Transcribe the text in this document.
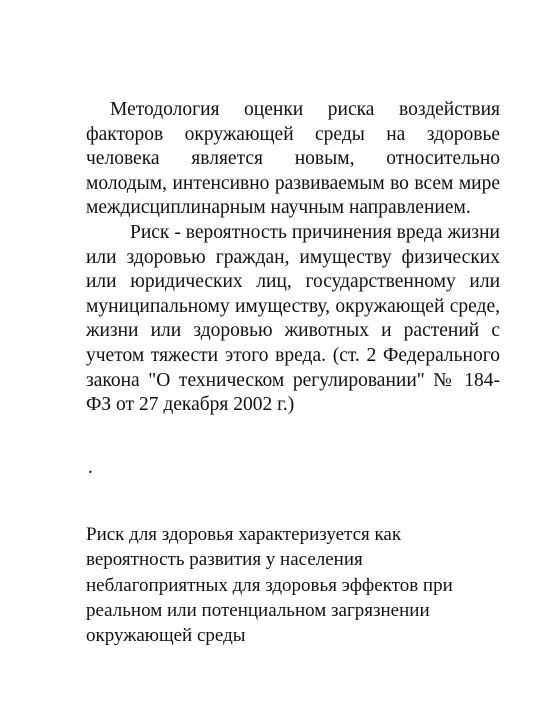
Методология оценки риска воздействия факторов окружающей среды на здоровье человека является новым, относительно молодым, интенсивно развиваемым во всем мире междисциплинарным научным направлением.

Риск - вероятность причинения вреда жизни или здоровью граждан, имуществу физических или юридических лиц, государственному или муниципальному имуществу, окружающей среде, жизни или здоровью животных и растений с учетом тяжести этого вреда. (ст. 2 Федерального закона "О техническом регулировании" № 184-ФЗ от 27 декабря 2002 г.)

.

Риск для здоровья характеризуется как вероятность развития у населения неблагоприятных для здоровья эффектов при реальном или потенциальном загрязнении окружающей среды
